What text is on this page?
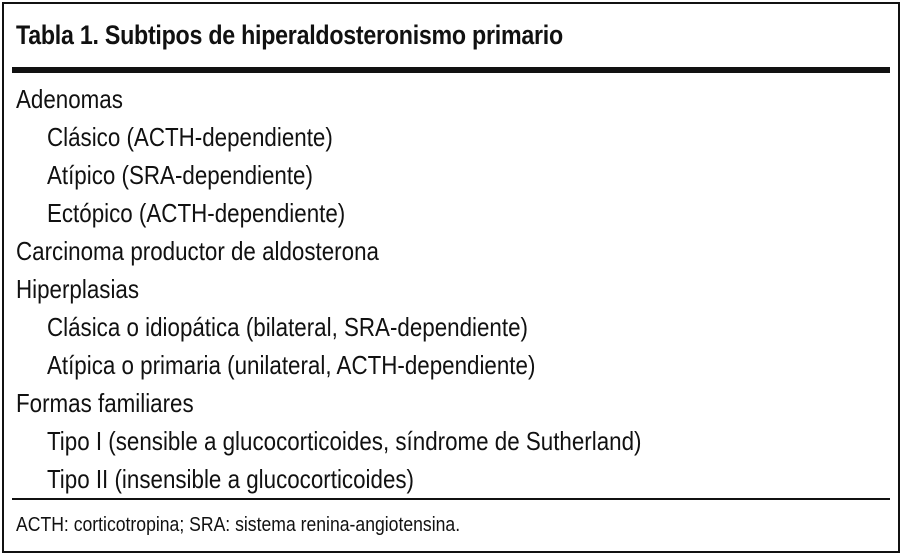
Tabla 1. Subtipos de hiperaldosteronismo primario
Adenomas
Clásico (ACTH-dependiente)
Atípico (SRA-dependiente)
Ectópico (ACTH-dependiente)
Carcinoma productor de aldosterona
Hiperplasias
Clásica o idiopática (bilateral, SRA-dependiente)
Atípica o primaria (unilateral, ACTH-dependiente)
Formas familiares
Tipo I (sensible a glucocorticoides, síndrome de Sutherland)
Tipo II (insensible a glucocorticoides)
ACTH: corticotropina; SRA: sistema renina-angiotensina.
